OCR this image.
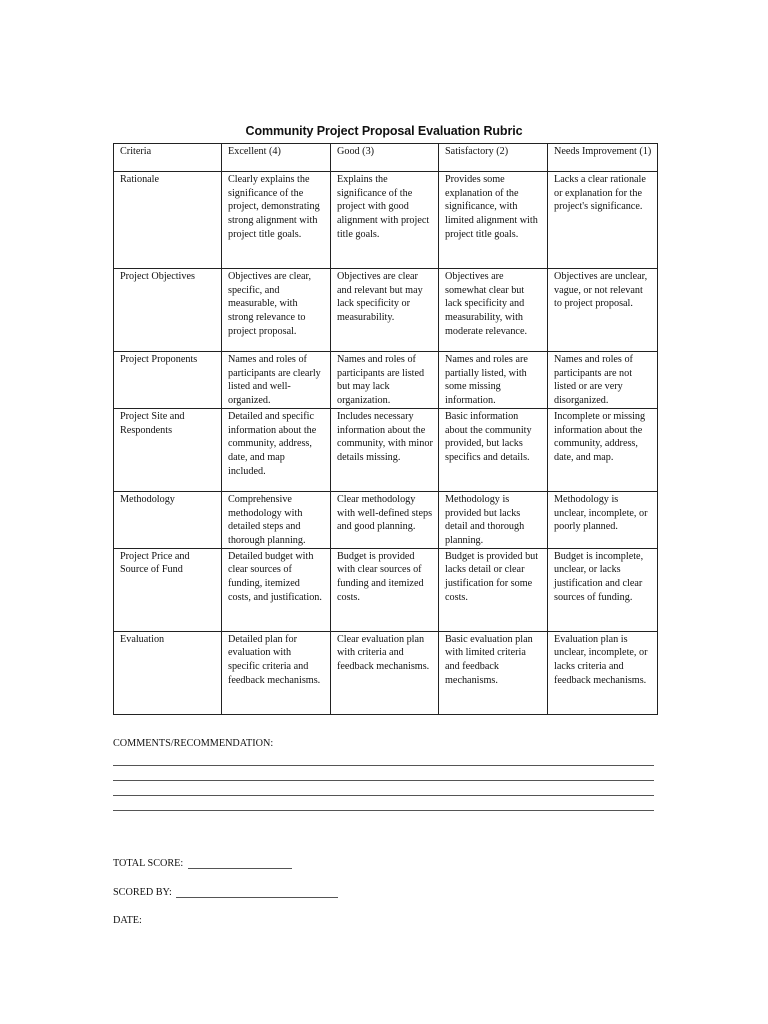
Community Project Proposal Evaluation Rubric
Criteria	Excellent (4)	Good (3)	Satisfactory (2)	Needs Improvement (1)
Rationale	Clearly explains the significance of the project, demonstrating strong alignment with project title goals.	Explains the significance of the project with good alignment with project title goals.	Provides some explanation of the significance, with limited alignment with project title goals.	Lacks a clear rationale or explanation for the project's significance.
Project Objectives	Objectives are clear, specific, and measurable, with strong relevance to project proposal.	Objectives are clear and relevant but may lack specificity or measurability.	Objectives are somewhat clear but lack specificity and measurability, with moderate relevance.	Objectives are unclear, vague, or not relevant to project proposal.
Project Proponents	Names and roles of participants are clearly listed and well-organized.	Names and roles of participants are listed but may lack organization.	Names and roles are partially listed, with some missing information.	Names and roles of participants are not listed or are very disorganized.
Project Site and Respondents	Detailed and specific information about the community, address, date, and map included.	Includes necessary information about the community, with minor details missing.	Basic information about the community provided, but lacks specifics and details.	Incomplete or missing information about the community, address, date, and map.
Methodology	Comprehensive methodology with detailed steps and thorough planning.	Clear methodology with well-defined steps and good planning.	Methodology is provided but lacks detail and thorough planning.	Methodology is unclear, incomplete, or poorly planned.
Project Price and Source of Fund	Detailed budget with clear sources of funding, itemized costs, and justification.	Budget is provided with clear sources of funding and itemized costs.	Budget is provided but lacks detail or clear justification for some costs.	Budget is incomplete, unclear, or lacks justification and clear sources of funding.
Evaluation	Detailed plan for evaluation with specific criteria and feedback mechanisms.	Clear evaluation plan with criteria and feedback mechanisms.	Basic evaluation plan with limited criteria and feedback mechanisms.	Evaluation plan is unclear, incomplete, or lacks criteria and feedback mechanisms.
COMMENTS/RECOMMENDATION:
TOTAL SCORE:
SCORED BY:
DATE:
